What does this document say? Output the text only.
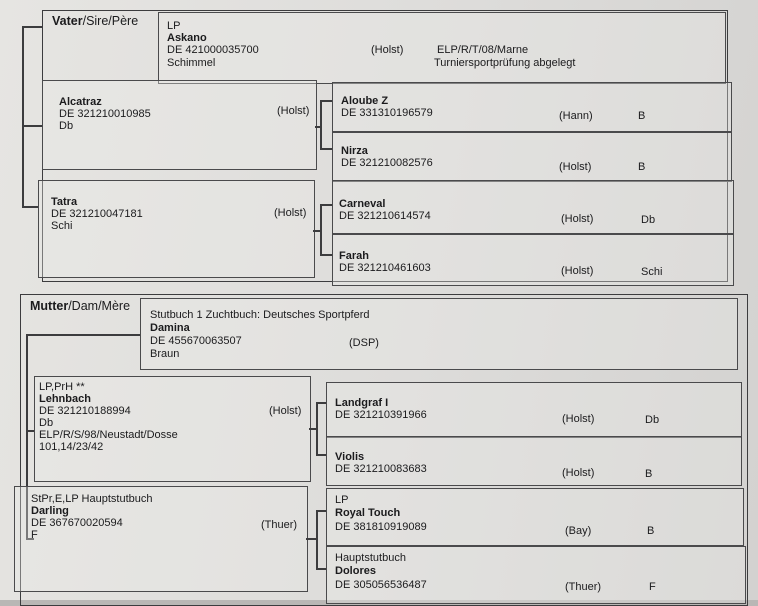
Vater/Sire/Père	LP
Askano
DE 421000035700
Schimmel
(Holst)	ELP/R/T/08/Marne
Turniersportprüfung abgelegt
Alcatraz
DE 321210010985
Db
(Holst)
Tatra
DE 321210047181
Schi
(Holst)
Aloube Z
DE 331310196579	(Hann)	B
Nirza
DE 321210082576	(Holst)	B
Carneval
DE 321210614574	(Holst)	Db
Farah
DE 321210461603	(Holst)	Schi
Mutter/Dam/Mère
Stutbuch 1 Zuchtbuch: Deutsches Sportpferd
Damina
DE 455670063507	(DSP)
Braun
LP,PrH **
Lehnbach
DE 321210188994
Db
ELP/R/S/98/Neustadt/Dosse
101,14/23/42
(Holst)
StPr,E,LP Hauptstutbuch
Darling
DE 367670020594
F
(Thuer)
Landgraf I
DE 321210391966	(Holst)	Db
Violis
DE 321210083683	(Holst)	B
LP
Royal Touch
DE 381810919089	(Bay)	B
Hauptstutbuch
Dolores
DE 305056536487	(Thuer)	F
